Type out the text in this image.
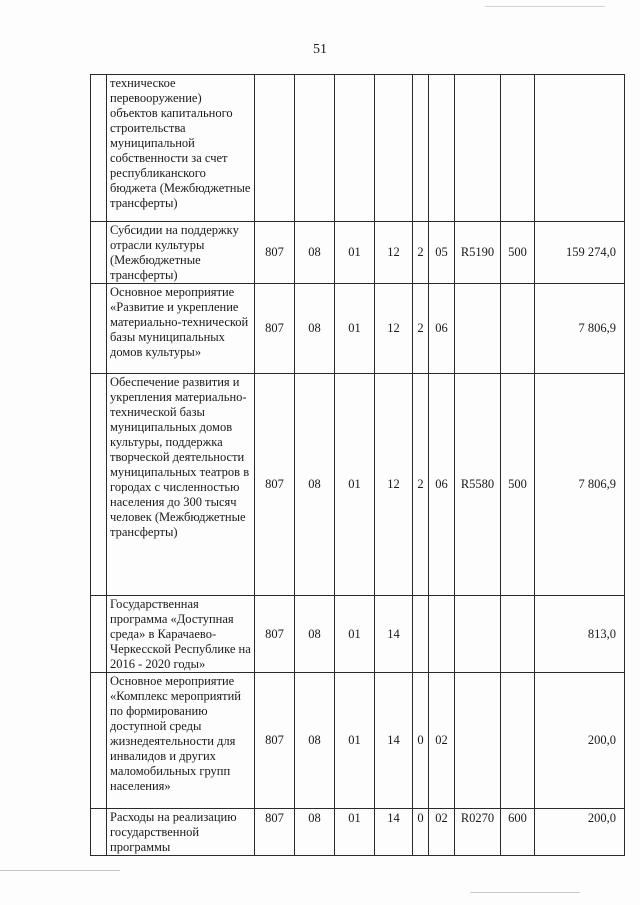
51
	техническое перевооружение) объектов капитального строительства муниципальной собственности за счет республиканского бюджета (Межбюджетные трансферты)									
	Субсидии на поддержку отрасли культуры (Межбюджетные трансферты)	807	08	01	12	2	05	R5190	500	159 274,0
	Основное мероприятие «Развитие и укрепление материально-технической базы муниципальных домов культуры»	807	08	01	12	2	06			7 806,9
	Обеспечение развития и укрепления материально-технической базы муниципальных домов культуры, поддержка творческой деятельности муниципальных театров в городах с численностью населения до 300 тысяч человек (Межбюджетные трансферты)	807	08	01	12	2	06	R5580	500	7 806,9
	Государственная программа «Доступная среда» в Карачаево-Черкесской Республике на 2016 - 2020 годы»	807	08	01	14					813,0
	Основное мероприятие «Комплекс мероприятий по формированию доступной среды жизнедеятельности для инвалидов и других маломобильных групп населения»	807	08	01	14	0	02			200,0
	Расходы на реализацию государственной программы	807	08	01	14	0	02	R0270	600	200,0
